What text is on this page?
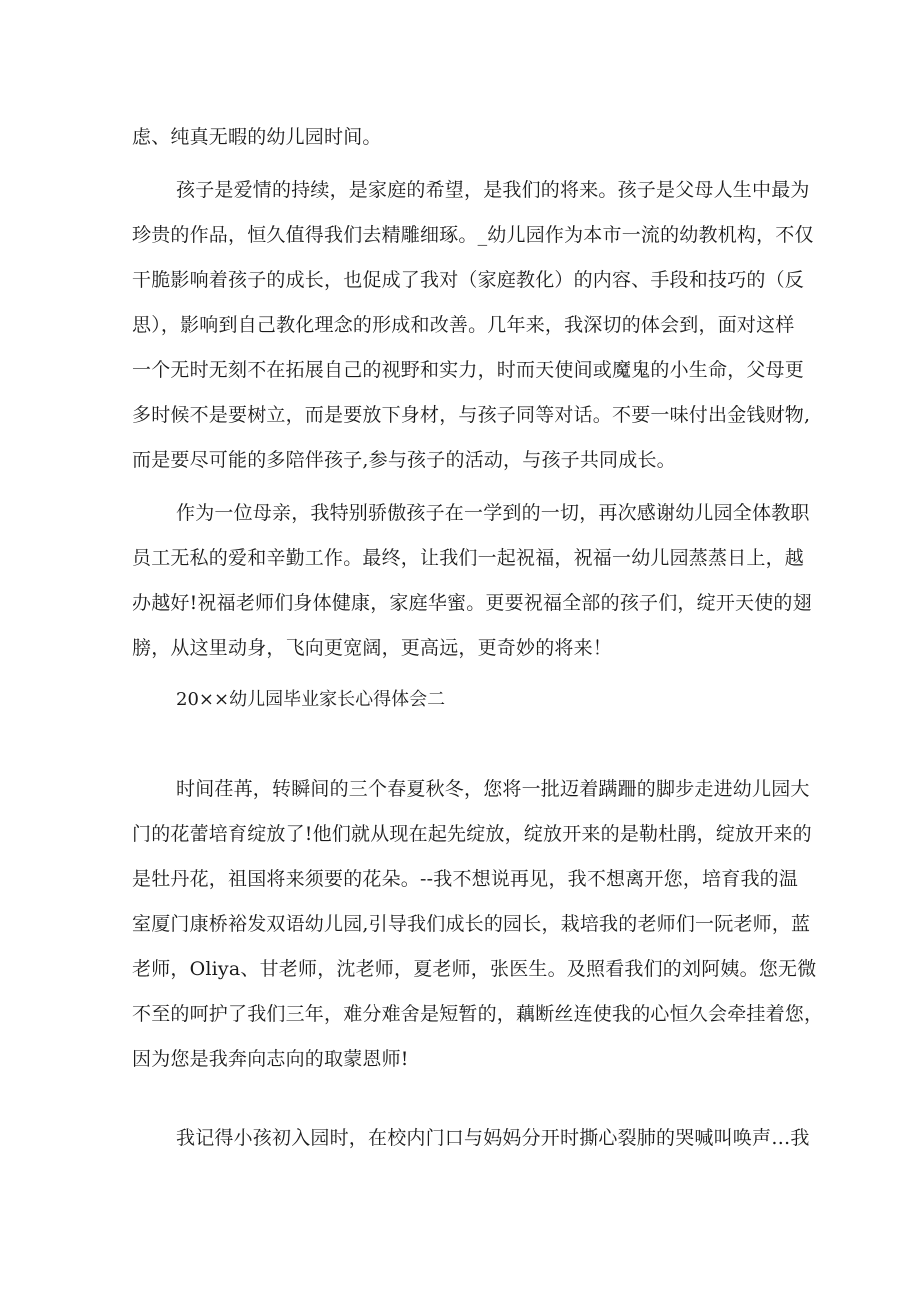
虑、纯真无暇的幼儿园时间。
孩子是爱情的持续，是家庭的希望，是我们的将来。孩子是父母人生中最为
珍贵的作品，恒久值得我们去精雕细琢。_幼儿园作为本市一流的幼教机构，不仅
干脆影响着孩子的成长，也促成了我对（家庭教化）的内容、手段和技巧的（反
思），影响到自己教化理念的形成和改善。几年来，我深切的体会到，面对这样
一个无时无刻不在拓展自己的视野和实力，时而天使间或魔鬼的小生命，父母更
多时候不是要树立，而是要放下身材，与孩子同等对话。不要一味付出金钱财物,
而是要尽可能的多陪伴孩子,参与孩子的活动，与孩子共同成长。
作为一位母亲，我特别骄傲孩子在一学到的一切，再次感谢幼儿园全体教职
员工无私的爱和辛勤工作。最终，让我们一起祝福，祝福一幼儿园蒸蒸日上，越
办越好!祝福老师们身体健康，家庭华蜜。更要祝福全部的孩子们，绽开天使的翅
膀，从这里动身，飞向更宽阔，更高远，更奇妙的将来！
20××幼儿园毕业家长心得体会二
时间荏苒，转瞬间的三个春夏秋冬，您将一批迈着蹒跚的脚步走进幼儿园大
门的花蕾培育绽放了!他们就从现在起先绽放，绽放开来的是勒杜鹃，绽放开来的
是牡丹花，祖国将来须要的花朵。--我不想说再见，我不想离开您，培育我的温
室厦门康桥裕发双语幼儿园,引导我们成长的园长，栽培我的老师们一阮老师，蓝
老师，Oliya、甘老师，沈老师，夏老师，张医生。及照看我们的刘阿姨。您无微
不至的呵护了我们三年，难分难舍是短暂的，藕断丝连使我的心恒久会牵挂着您，
因为您是我奔向志向的取蒙恩师!
我记得小孩初入园时，在校内门口与妈妈分开时撕心裂肺的哭喊叫唤声…我
